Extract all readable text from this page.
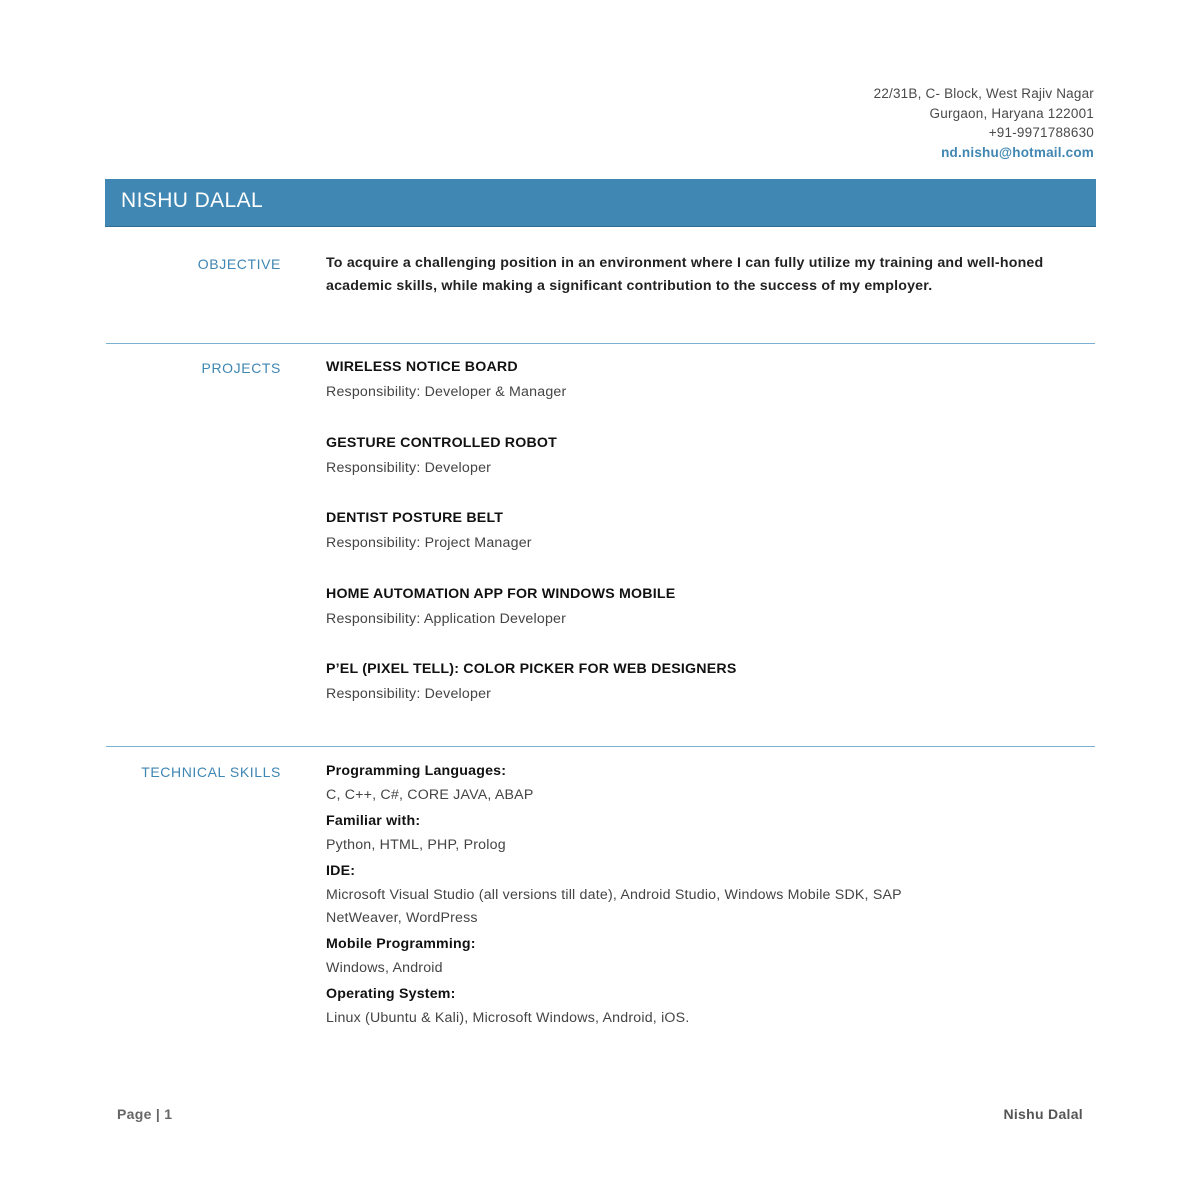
22/31B, C- Block, West Rajiv Nagar
Gurgaon, Haryana 122001
+91-9971788630
nd.nishu@hotmail.com
NISHU DALAL
OBJECTIVE	To acquire a challenging position in an environment where I can fully utilize my training and well-honed academic skills, while making a significant contribution to the success of my employer.
PROJECTS	WIRELESS NOTICE BOARD
Responsibility: Developer & Manager
GESTURE CONTROLLED ROBOT
Responsibility: Developer
DENTIST POSTURE BELT
Responsibility: Project Manager
HOME AUTOMATION APP FOR WINDOWS MOBILE
Responsibility: Application Developer
P’EL (PIXEL TELL): COLOR PICKER FOR WEB DESIGNERS
Responsibility: Developer
TECHNICAL SKILLS	Programming Languages:
C, C++, C#, CORE JAVA, ABAP
Familiar with:
Python, HTML, PHP, Prolog
IDE:
Microsoft Visual Studio (all versions till date), Android Studio, Windows Mobile SDK, SAP NetWeaver, WordPress
Mobile Programming:
Windows, Android
Operating System:
Linux (Ubuntu & Kali), Microsoft Windows, Android, iOS.
Page | 1	Nishu Dalal
